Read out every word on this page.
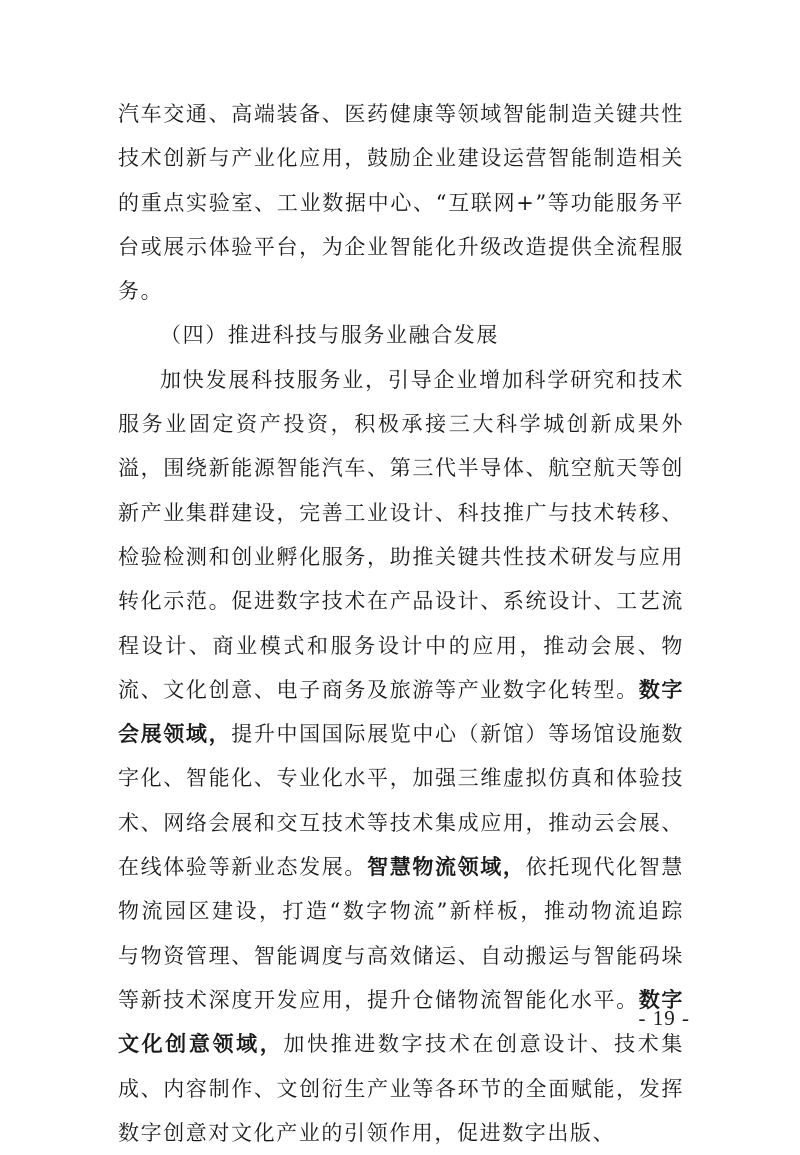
汽车交通、高端装备、医药健康等领域智能制造关键共性技术创新与产业化应用，鼓励企业建设运营智能制造相关的重点实验室、工业数据中心、“互联网+”等功能服务平台或展示体验平台，为企业智能化升级改造提供全流程服务。

（四）推进科技与服务业融合发展

加快发展科技服务业，引导企业增加科学研究和技术服务业固定资产投资，积极承接三大科学城创新成果外溢，围绕新能源智能汽车、第三代半导体、航空航天等创新产业集群建设，完善工业设计、科技推广与技术转移、检验检测和创业孵化服务，助推关键共性技术研发与应用转化示范。促进数字技术在产品设计、系统设计、工艺流程设计、商业模式和服务设计中的应用，推动会展、物流、文化创意、电子商务及旅游等产业数字化转型。数字会展领域，提升中国国际展览中心（新馆）等场馆设施数字化、智能化、专业化水平，加强三维虚拟仿真和体验技术、网络会展和交互技术等技术集成应用，推动云会展、在线体验等新业态发展。智慧物流领域，依托现代化智慧物流园区建设，打造“数字物流”新样板，推动物流追踪与物资管理、智能调度与高效储运、自动搬运与智能码垛等新技术深度开发应用，提升仓储物流智能化水平。数字文化创意领域，加快推进数字技术在创意设计、技术集成、内容制作、文创衍生产业等各环节的全面赋能，发挥数字创意对文化产业的引领作用，促进数字出版、

- 19 -
